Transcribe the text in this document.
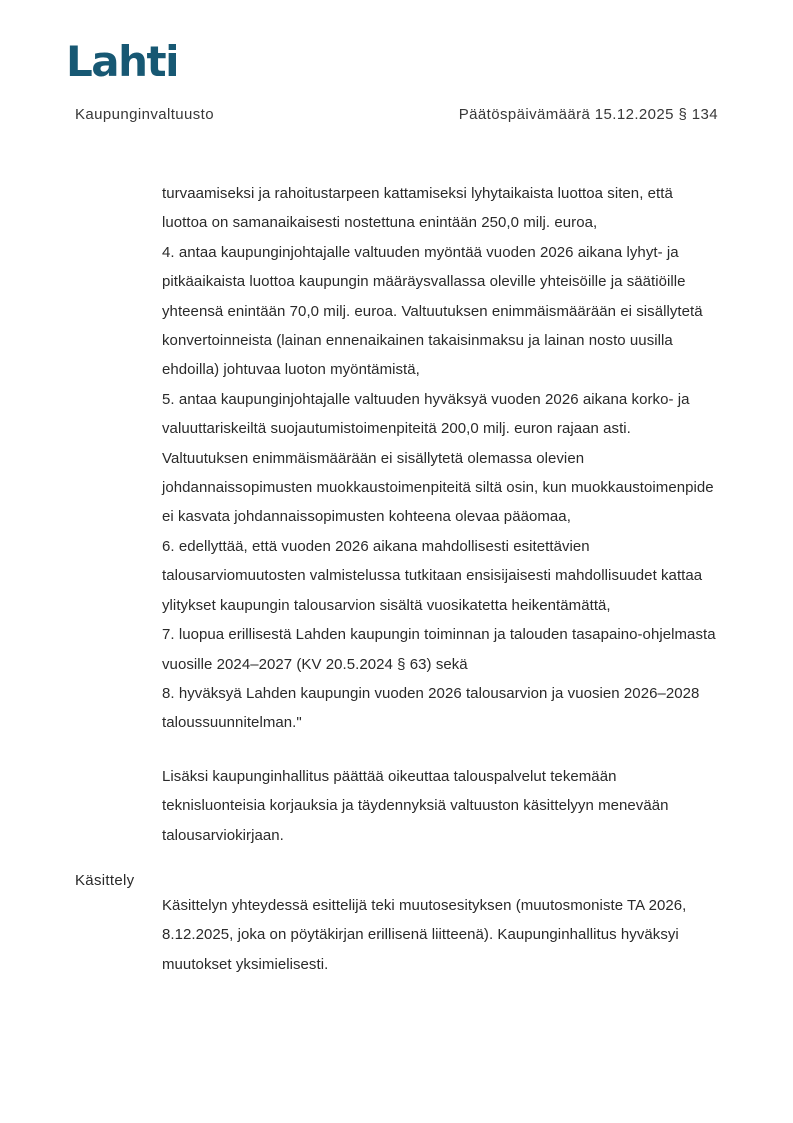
Lahti
Kaupunginvaltuusto	Päätöspäivämäärä 15.12.2025 § 134
turvaamiseksi ja rahoitustarpeen kattamiseksi lyhytaikaista luottoa siten, että
luottoa on samanaikaisesti nostettuna enintään 250,0 milj. euroa,
4. antaa kaupunginjohtajalle valtuuden myöntää vuoden 2026 aikana lyhyt- ja
pitkäaikaista luottoa kaupungin määräysvallassa oleville yhteisöille ja säätiöille
yhteensä enintään 70,0 milj. euroa. Valtuutuksen enimmäismäärään ei sisällytetä
konvertoinneista (lainan ennenaikainen takaisinmaksu ja lainan nosto uusilla
ehdoilla) johtuvaa luoton myöntämistä,
5. antaa kaupunginjohtajalle valtuuden hyväksyä vuoden 2026 aikana korko- ja
valuuttariskeiltä suojautumistoimenpiteitä 200,0 milj. euron rajaan asti.
Valtuutuksen enimmäismäärään ei sisällytetä olemassa olevien
johdannaissopimusten muokkaustoimenpiteitä siltä osin, kun muokkaustoimenpide
ei kasvata johdannaissopimusten kohteena olevaa pääomaa,
6. edellyttää, että vuoden 2026 aikana mahdollisesti esitettävien
talousarviomuutosten valmistelussa tutkitaan ensisijaisesti mahdollisuudet kattaa
ylitykset kaupungin talousarvion sisältä vuosikatetta heikentämättä,
7. luopua erillisestä Lahden kaupungin toiminnan ja talouden tasapaino-ohjelmasta
vuosille 2024–2027 (KV 20.5.2024 § 63) sekä
8. hyväksyä Lahden kaupungin vuoden 2026 talousarvion ja vuosien 2026–2028
taloussuunnitelman."
Lisäksi kaupunginhallitus päättää oikeuttaa talouspalvelut tekemään
teknisluonteisia korjauksia ja täydennyksiä valtuuston käsittelyyn menevään
talousarviokirjaan.
Käsittely
Käsittelyn yhteydessä esittelijä teki muutosesityksen (muutosmoniste TA 2026,
8.12.2025, joka on pöytäkirjan erillisenä liitteenä). Kaupunginhallitus hyväksyi
muutokset yksimielisesti.
